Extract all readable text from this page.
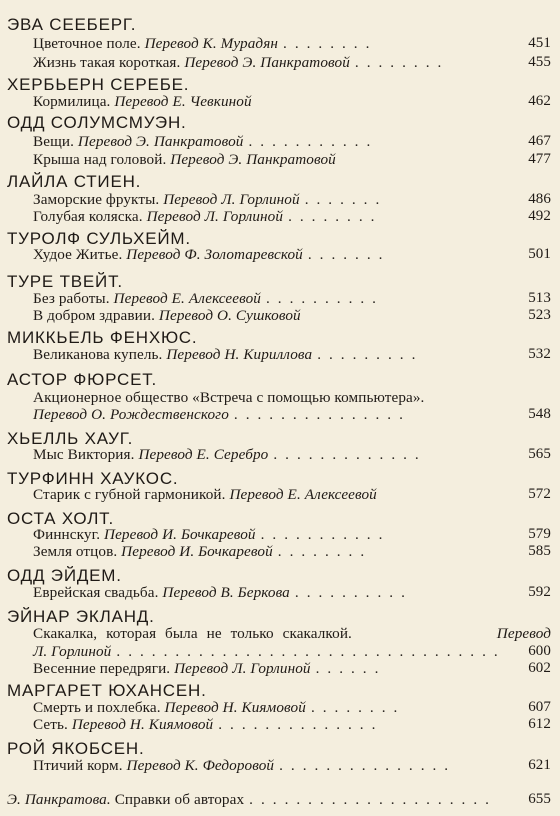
ЭВА СЕЕБЕРГ.
Цветочное поле. Перевод К. Мурадян ........	451
Жизнь такая короткая. Перевод Э. Панкратовой ........	455
ХЕРБЬЕРН СЕРЕБЕ.
Кормилица. Перевод Е. Чевкиной	462
ОДД СОЛУМСМУЭН.
Вещи. Перевод Э. Панкратовой ...........	467
Крыша над головой. Перевод Э. Панкратовой	477
ЛАЙЛА СТИЕН.
Заморские фрукты. Перевод Л. Горлиной .......	486
Голубая коляска. Перевод Л. Горлиной ........	492
ТУРОЛФ СУЛЬХЕЙМ.
Худое Житье. Перевод Ф. Золотаревской .......	501
ТУРЕ ТВЕЙТ.
Без работы. Перевод Е. Алексеевой ..........	513
В добром здравии. Перевод О. Сушковой	523
МИККЬЕЛЬ ФЕНХЮС.
Великанова купель. Перевод Н. Кириллова .........	532
АСТОР ФЮРСЕТ.
Акционерное общество «Встреча с помощью компьютера».
Перевод О. Рождественского ...............	548
ХЬЕЛЛЬ ХАУГ.
Мыс Виктория. Перевод Е. Серебро .............	565
ТУРФИНН ХАУКОС.
Старик с губной гармоникой. Перевод Е. Алексеевой	572
ОСТА ХОЛТ.
Финнскуг. Перевод И. Бочкаревой ...........	579
Земля отцов. Перевод И. Бочкаревой ........	585
ОДД ЭЙДЕМ.
Еврейская свадьба. Перевод В. Беркова ..........	592
ЭЙНАР ЭКЛАНД.
Скакалка, которая была не только скакалкой.	Перевод
Л. Горлиной .................................	600
Весенние передряги. Перевод Л. Горлиной ......	602
МАРГАРЕТ ЮХАНСЕН.
Смерть и похлебка. Перевод Н. Киямовой ........	607
Сеть. Перевод Н. Киямовой ..............	612
РОЙ ЯКОБСЕН.
Птичий корм. Перевод К. Федоровой ...............	621
Э. Панкратова. Справки об авторах .....................	655
